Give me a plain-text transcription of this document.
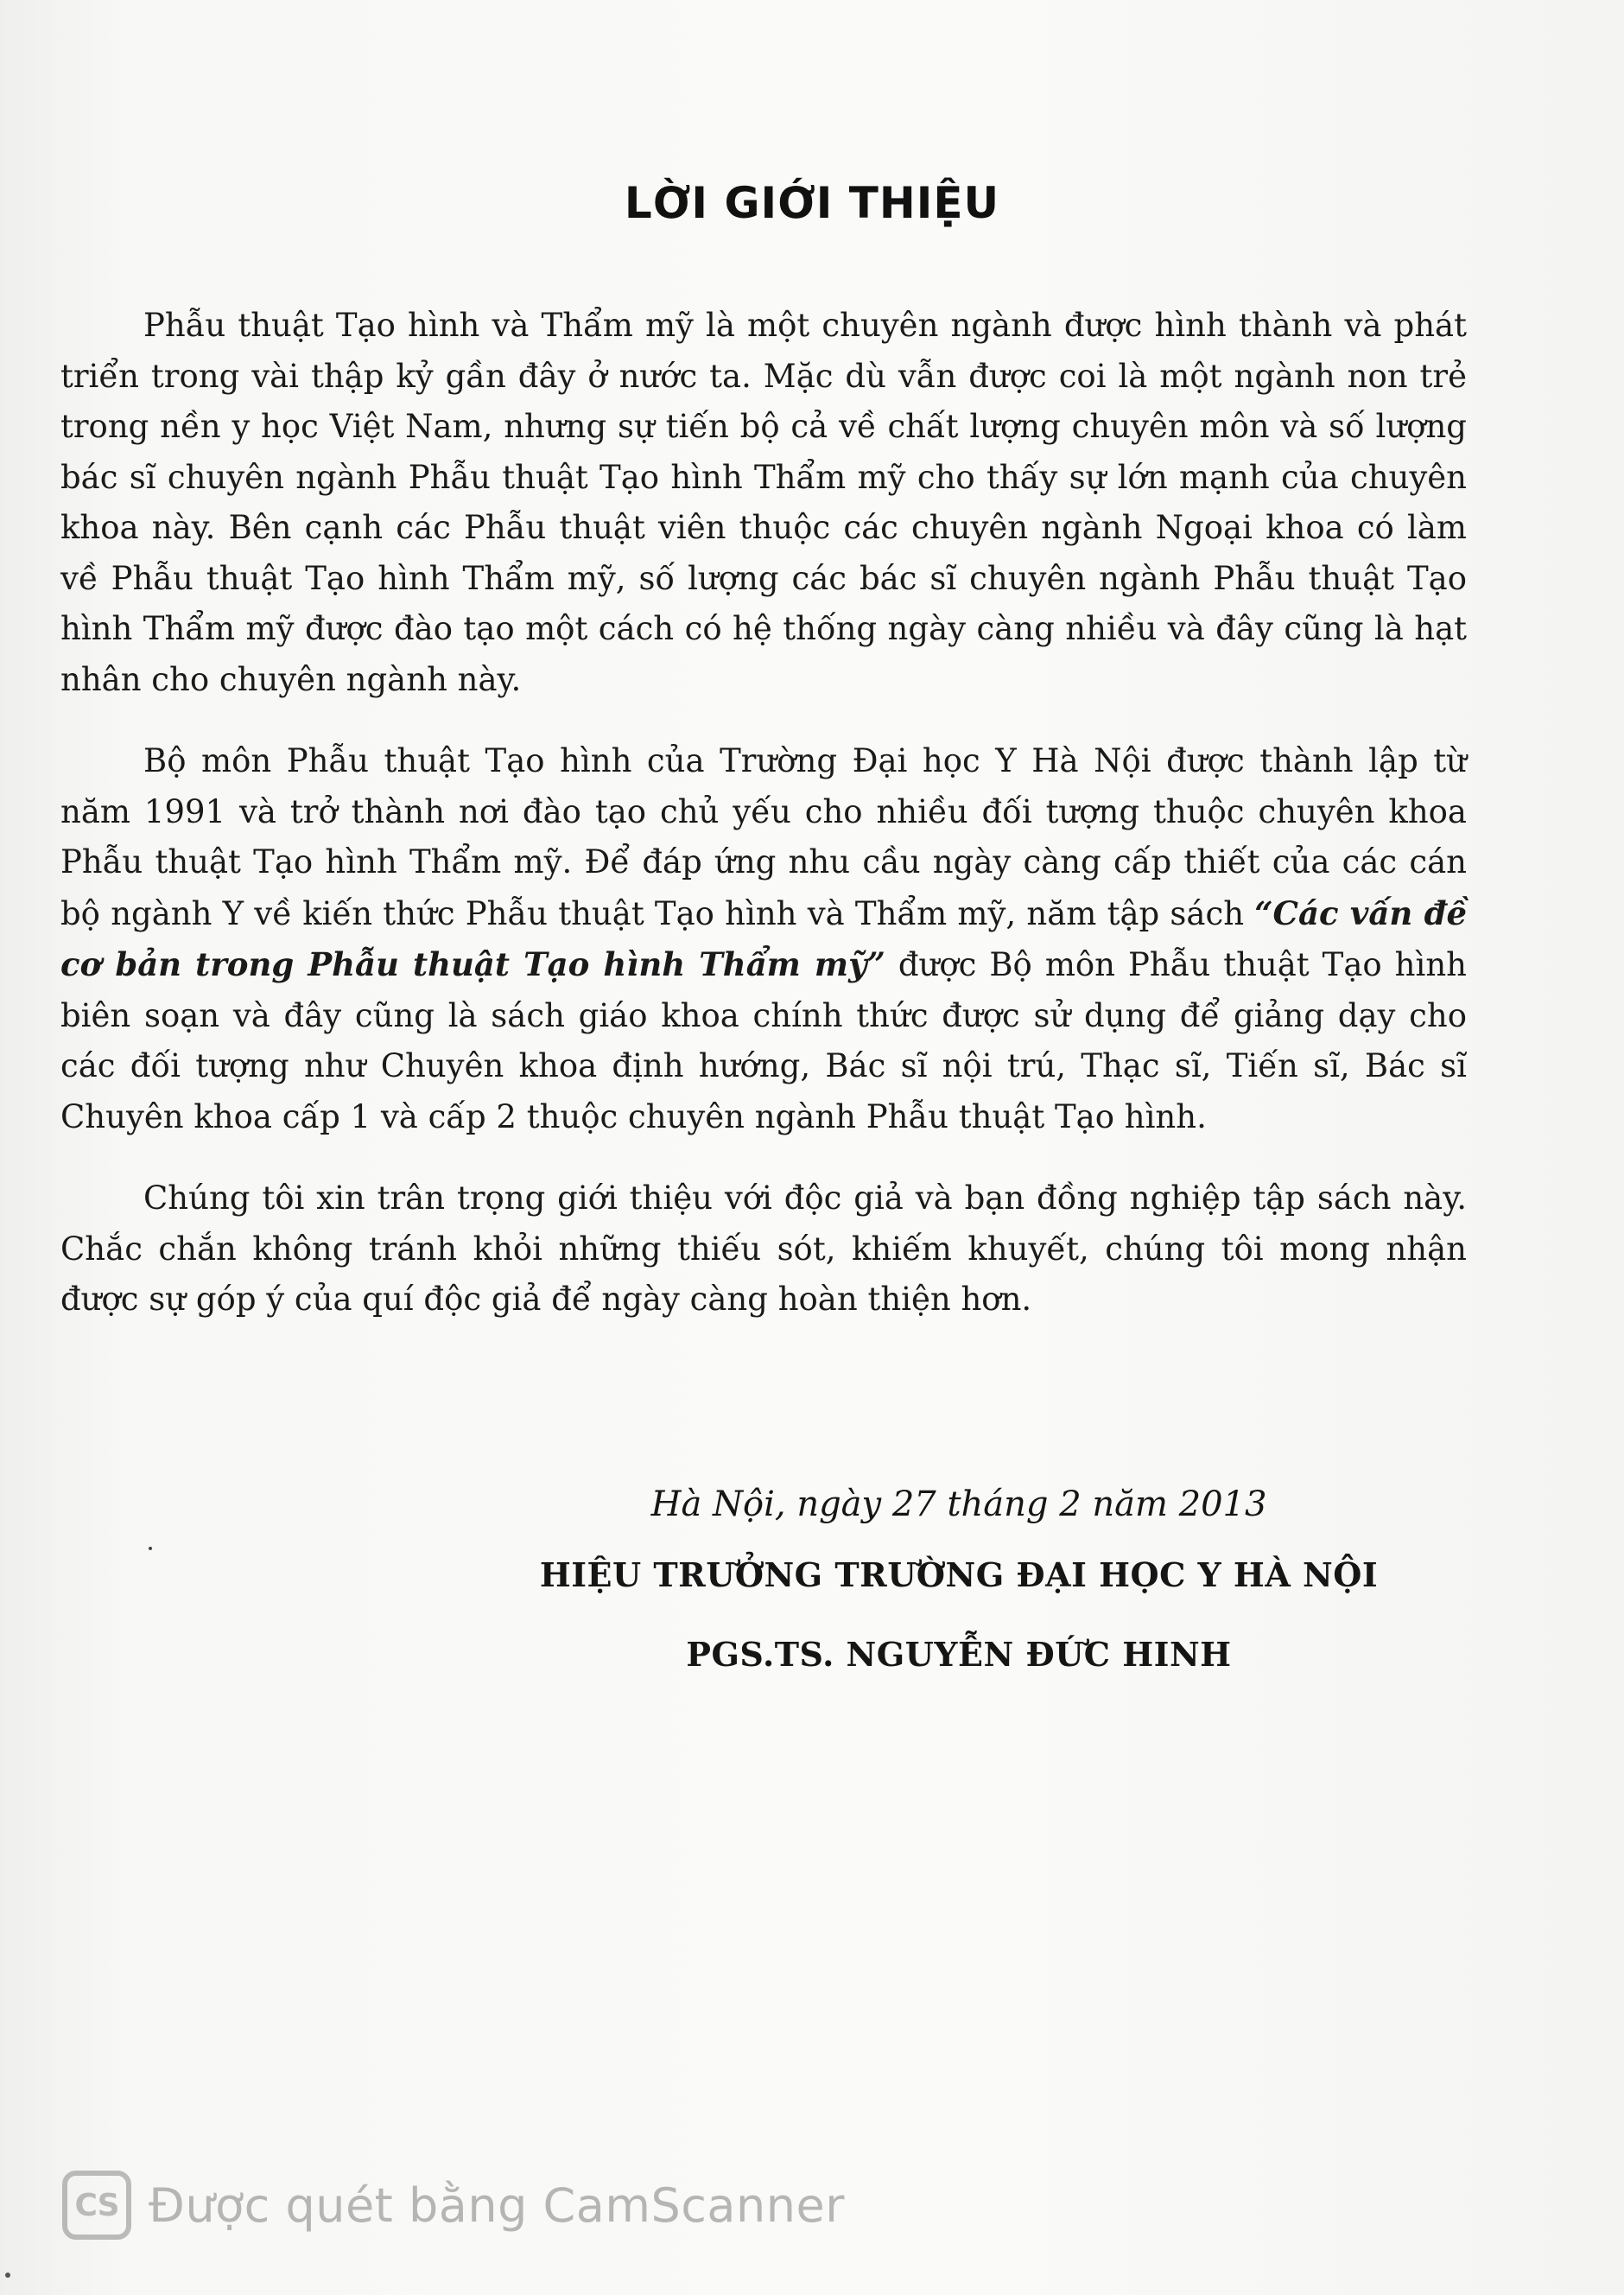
LỜI GIỚI THIỆU

Phẫu thuật Tạo hình và Thẩm mỹ là một chuyên ngành được hình thành và phát triển trong vài thập kỷ gần đây ở nước ta. Mặc dù vẫn được coi là một ngành non trẻ trong nền y học Việt Nam, nhưng sự tiến bộ cả về chất lượng chuyên môn và số lượng bác sĩ chuyên ngành Phẫu thuật Tạo hình Thẩm mỹ cho thấy sự lớn mạnh của chuyên khoa này. Bên cạnh các Phẫu thuật viên thuộc các chuyên ngành Ngoại khoa có làm về Phẫu thuật Tạo hình Thẩm mỹ, số lượng các bác sĩ chuyên ngành Phẫu thuật Tạo hình Thẩm mỹ được đào tạo một cách có hệ thống ngày càng nhiều và đây cũng là hạt nhân cho chuyên ngành này.

Bộ môn Phẫu thuật Tạo hình của Trường Đại học Y Hà Nội được thành lập từ năm 1991 và trở thành nơi đào tạo chủ yếu cho nhiều đối tượng thuộc chuyên khoa Phẫu thuật Tạo hình Thẩm mỹ. Để đáp ứng nhu cầu ngày càng cấp thiết của các cán bộ ngành Y về kiến thức Phẫu thuật Tạo hình và Thẩm mỹ, năm tập sách “Các vấn đề cơ bản trong Phẫu thuật Tạo hình Thẩm mỹ” được Bộ môn Phẫu thuật Tạo hình biên soạn và đây cũng là sách giáo khoa chính thức được sử dụng để giảng dạy cho các đối tượng như Chuyên khoa định hướng, Bác sĩ nội trú, Thạc sĩ, Tiến sĩ, Bác sĩ Chuyên khoa cấp 1 và cấp 2 thuộc chuyên ngành Phẫu thuật Tạo hình.

Chúng tôi xin trân trọng giới thiệu với độc giả và bạn đồng nghiệp tập sách này. Chắc chắn không tránh khỏi những thiếu sót, khiếm khuyết, chúng tôi mong nhận được sự góp ý của quí độc giả để ngày càng hoàn thiện hơn.

Hà Nội, ngày 27 tháng 2 năm 2013
HIỆU TRƯỞNG TRƯỜNG ĐẠI HỌC Y HÀ NỘI
PGS.TS. NGUYỄN ĐỨC HINH
CS Được quét bằng CamScanner
